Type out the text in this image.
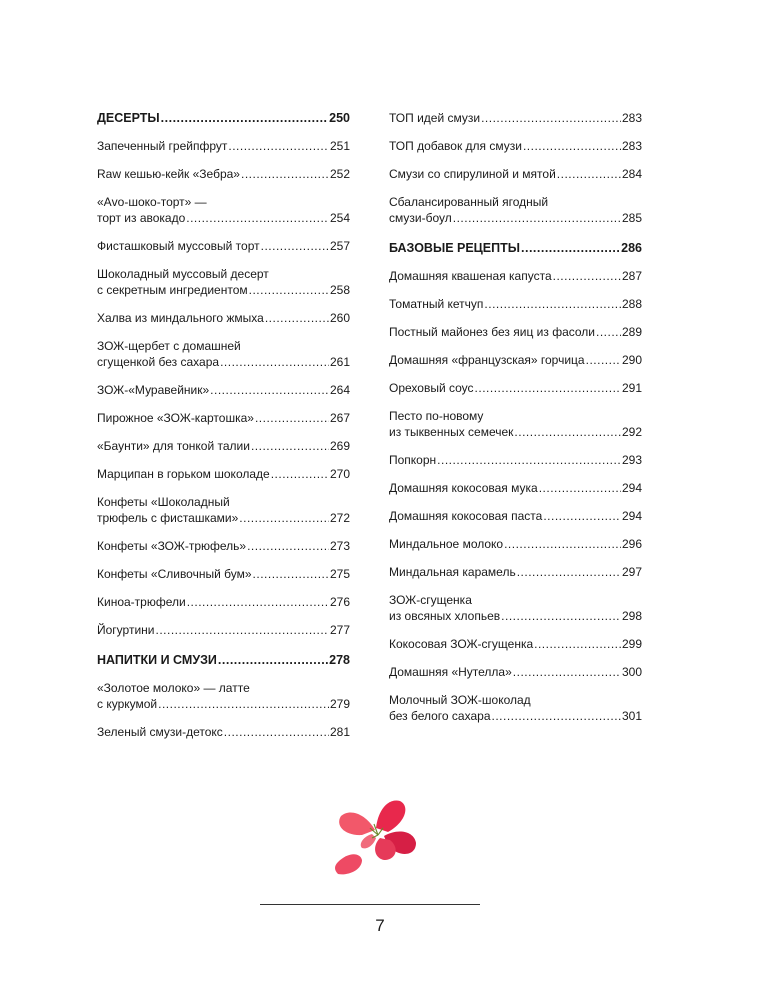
ДЕСЕРТЫ .....	250
Запеченный грейпфрут .....	251
Raw кешью-кейк «Зебра» .....	252
«Аvо-шоко-торт» —
торт из авокадо .....	254
Фисташковый муссовый торт .....	257
Шоколадный муссовый десерт
с секретным ингредиентом .....	258
Халва из миндального жмыха .....	260
ЗОЖ-щербет с домашней
сгущенкой без сахара .....	261
ЗОЖ-«Муравейник» .....	264
Пирожное «ЗОЖ-картошка» .....	267
«Баунти» для тонкой талии .....	269
Марципан в горьком шоколаде .....	270
Конфеты «Шоколадный
трюфель с фисташками» .....	272
Конфеты «ЗОЖ-трюфель» .....	273
Конфеты «Сливочный бум» .....	275
Киноа-трюфели .....	276
Йогуртини .....	277
НАПИТКИ И СМУЗИ .....	278
«Золотое молоко» — латте
с куркумой .....	279
Зеленый смузи-детокс .....	281
ТОП идей смузи .....	283
ТОП добавок для смузи .....	283
Смузи со спирулиной и мятой .....	284
Сбалансированный ягодный
смузи-боул .....	285
БАЗОВЫЕ РЕЦЕПТЫ .....	286
Домашняя квашеная капуста .....	287
Томатный кетчуп .....	288
Постный майонез без яиц из фасоли ..... 289
Домашняя «французская» горчица .....	290
Ореховый соус .....	291
Песто по-новому
из тыквенных семечек .....	292
Попкорн .....	293
Домашняя кокосовая мука .....	294
Домашняя кокосовая паста .....	294
Миндальное молоко .....	296
Миндальная карамель .....	297
ЗОЖ-сгущенка
из овсяных хлопьев .....	298
Кокосовая ЗОЖ-сгущенка .....	299
Домашняя «Нутелла» .....	300
Молочный ЗОЖ-шоколад
без белого сахара .....	301
7
